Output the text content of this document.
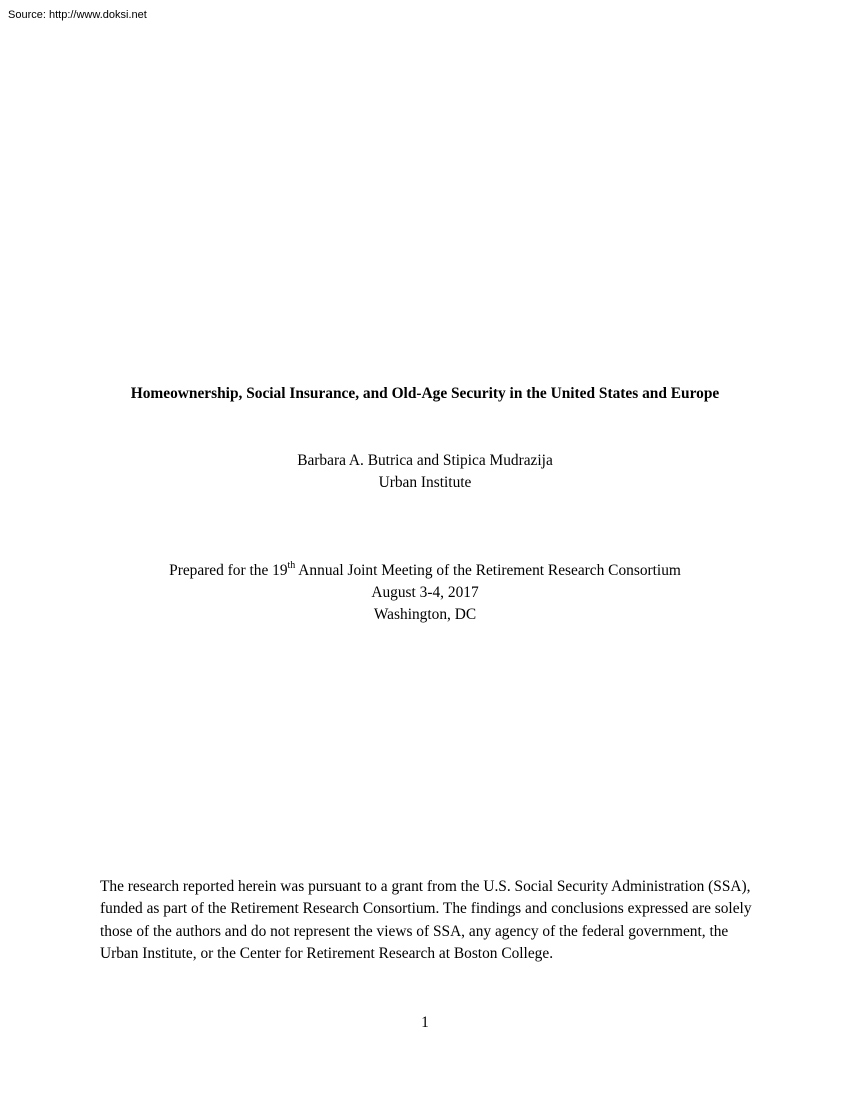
Source: http://www.doksi.net
Homeownership, Social Insurance, and Old-Age Security in the United States and Europe
Barbara A. Butrica and Stipica Mudrazija
Urban Institute
Prepared for the 19th Annual Joint Meeting of the Retirement Research Consortium
August 3-4, 2017
Washington, DC

The research reported herein was pursuant to a grant from the U.S. Social Security Administration (SSA), funded as part of the Retirement Research Consortium. The findings and conclusions expressed are solely those of the authors and do not represent the views of SSA, any agency of the federal government, the Urban Institute, or the Center for Retirement Research at Boston College.

1
